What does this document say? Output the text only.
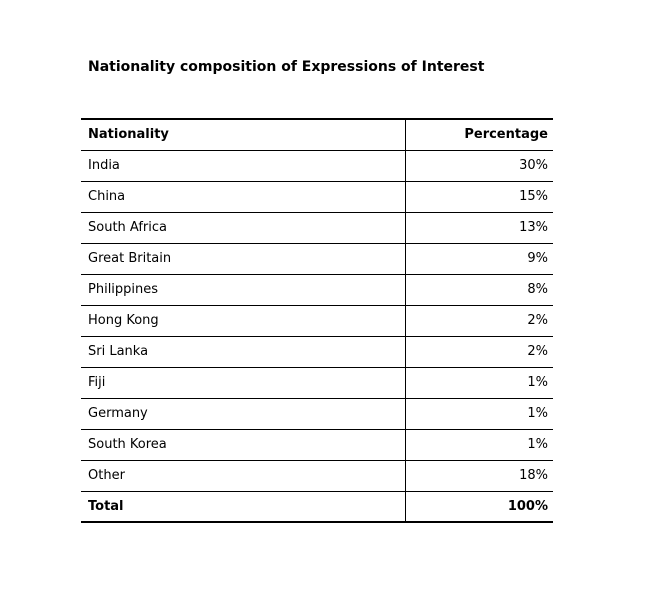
Nationality composition of Expressions of Interest
Nationality	Percentage
India	30%
China	15%
South Africa	13%
Great Britain	9%
Philippines	8%
Hong Kong	2%
Sri Lanka	2%
Fiji	1%
Germany	1%
South Korea	1%
Other	18%
Total	100%
